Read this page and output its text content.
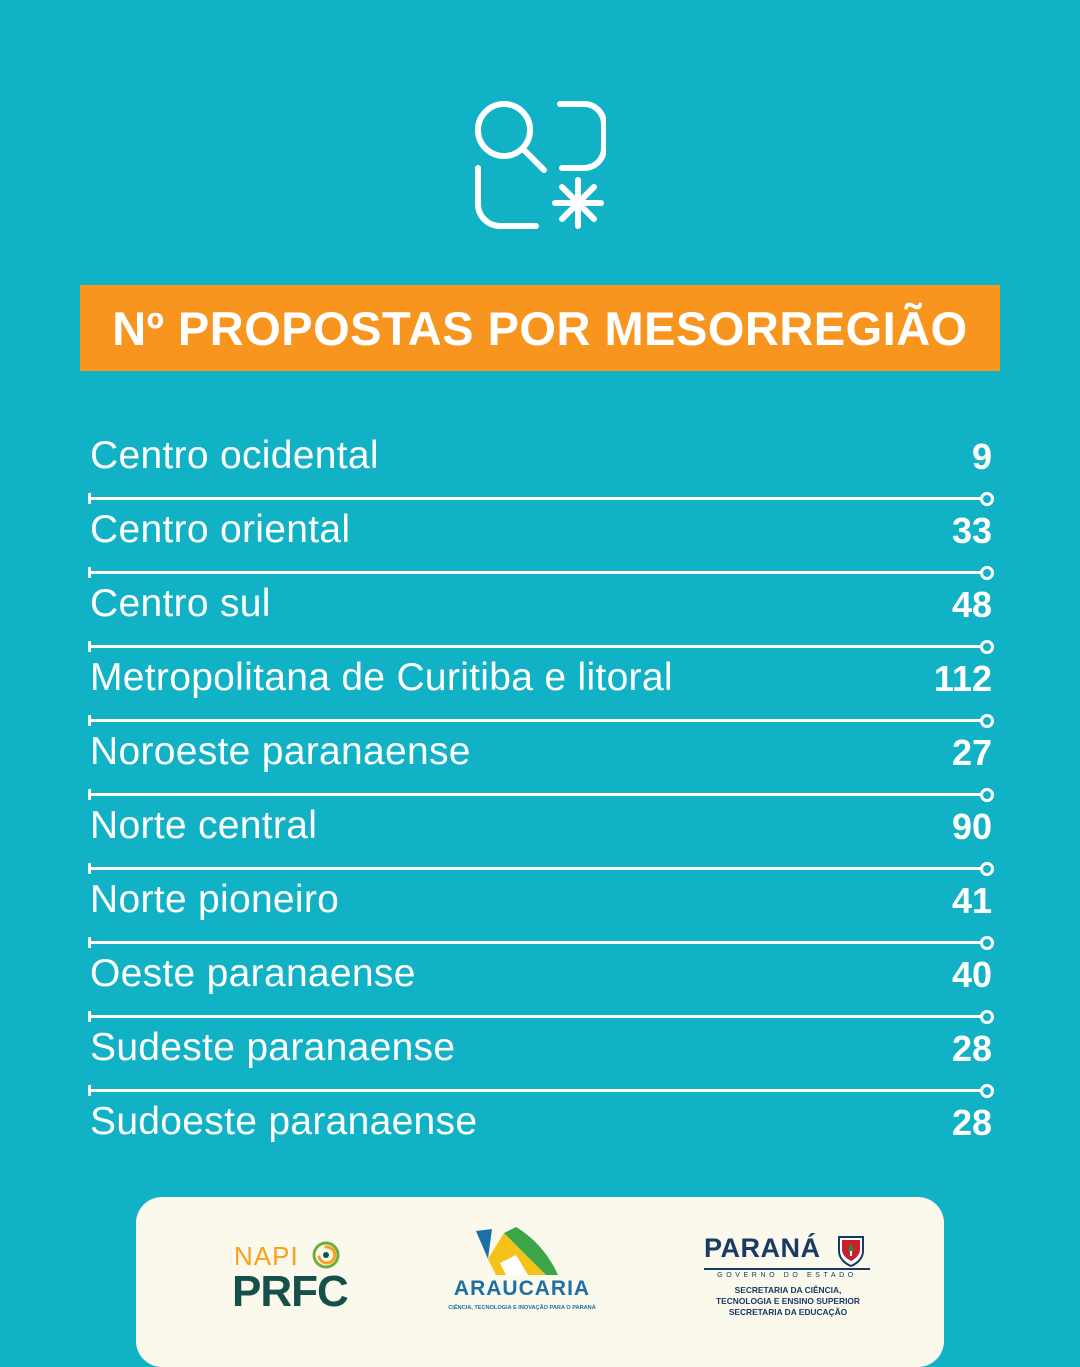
Nº PROPOSTAS POR MESORREGIÃO
Centro ocidental	9
Centro oriental	33
Centro sul	48
Metropolitana de Curitiba e litoral	112
Noroeste paranaense	27
Norte central	90
Norte pioneiro	41
Oeste paranaense	40
Sudeste paranaense	28
Sudoeste paranaense	28
NAPI
PRFC	ARAUCARIA
CIÊNCIA, TECNOLOGIA E INOVAÇÃO PARA O PARANÁ
PARANÁ
GOVERNO DO ESTADO
SECRETARIA DA CIÊNCIA,
TECNOLOGIA E ENSINO SUPERIOR
SECRETARIA DA EDUCAÇÃO
